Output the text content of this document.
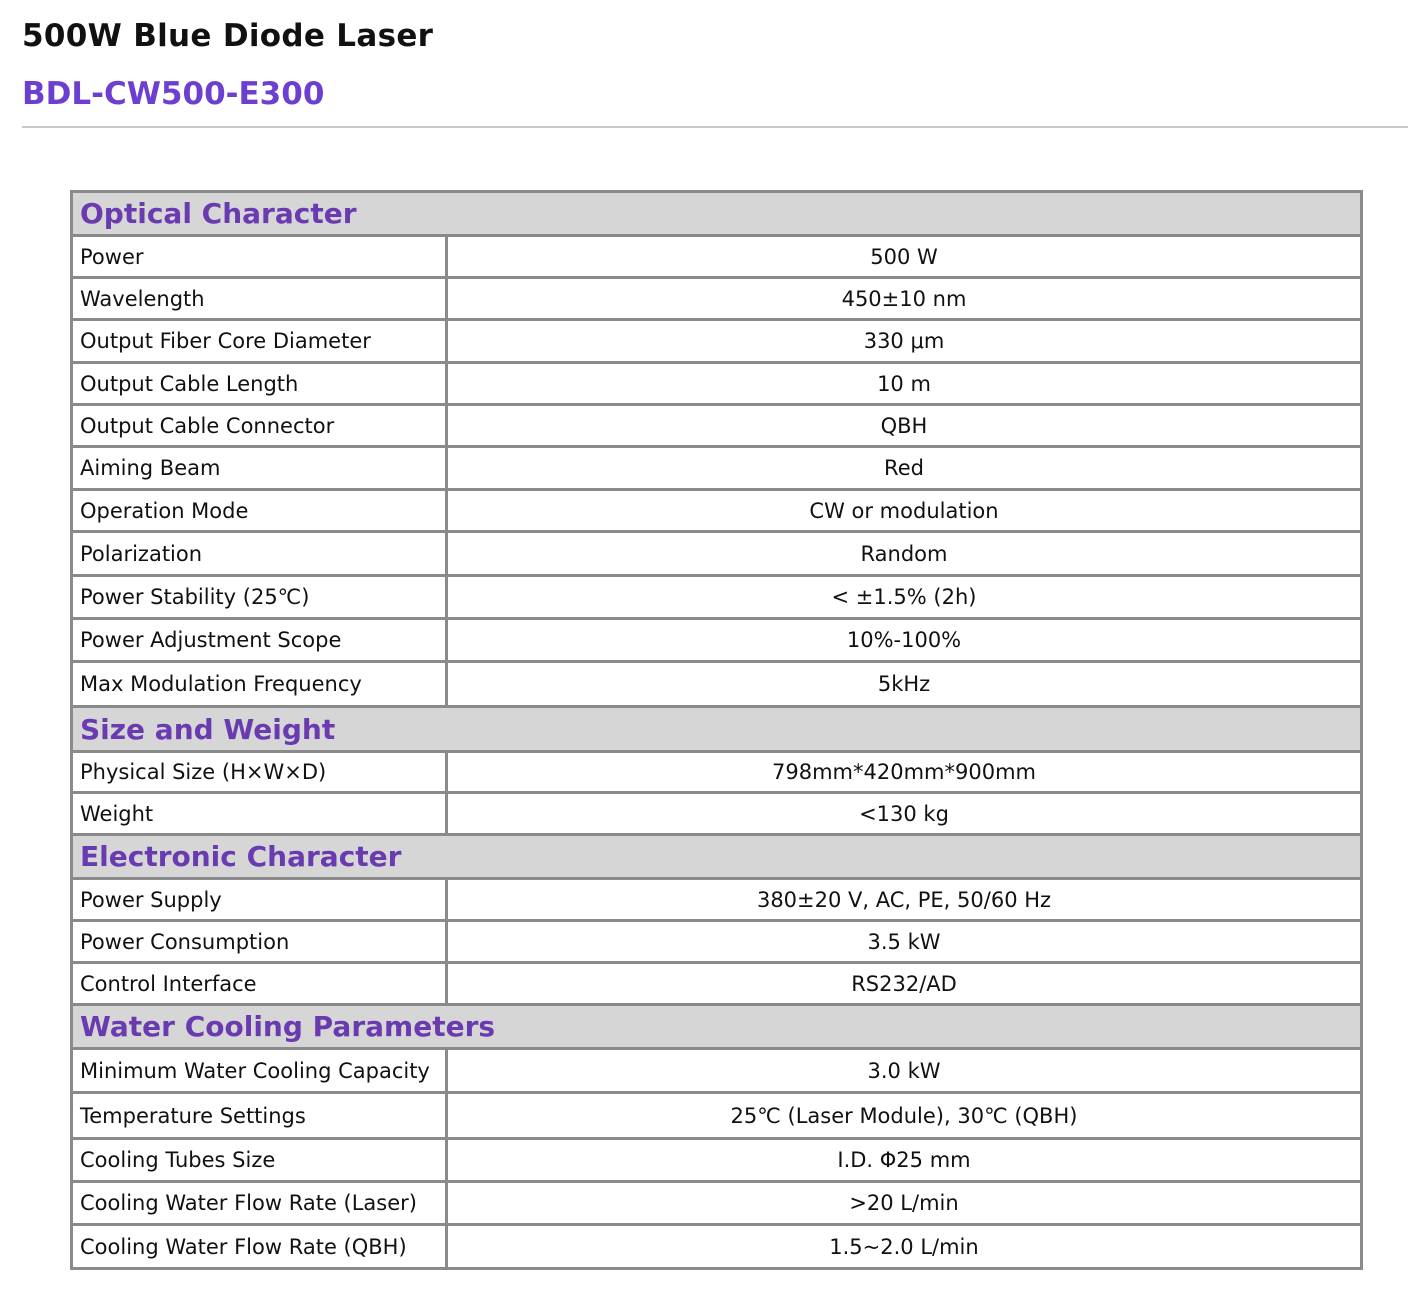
500W Blue Diode Laser
BDL-CW500-E300
Optical Character	
Power	500 W
Wavelength	450±10 nm
Output Fiber Core Diameter	330 μm
Output Cable Length	10 m
Output Cable Connector	QBH
Aiming Beam	Red
Operation Mode	CW or modulation
Polarization	Random
Power Stability (25℃)	< ±1.5% (2h)
Power Adjustment Scope	10%-100%
Max Modulation Frequency	5kHz
Size and Weight	
Physical Size (H×W×D)	798mm*420mm*900mm
Weight	<130 kg
Electronic Character	
Power Supply	380±20 V, AC, PE, 50/60 Hz
Power Consumption	3.5 kW
Control Interface	RS232/AD
Water Cooling Parameters	
Minimum Water Cooling Capacity	3.0 kW
Temperature Settings	25℃ (Laser Module), 30℃ (QBH)
Cooling Tubes Size	I.D. Φ25 mm
Cooling Water Flow Rate (Laser)	>20 L/min
Cooling Water Flow Rate (QBH)	1.5~2.0 L/min
